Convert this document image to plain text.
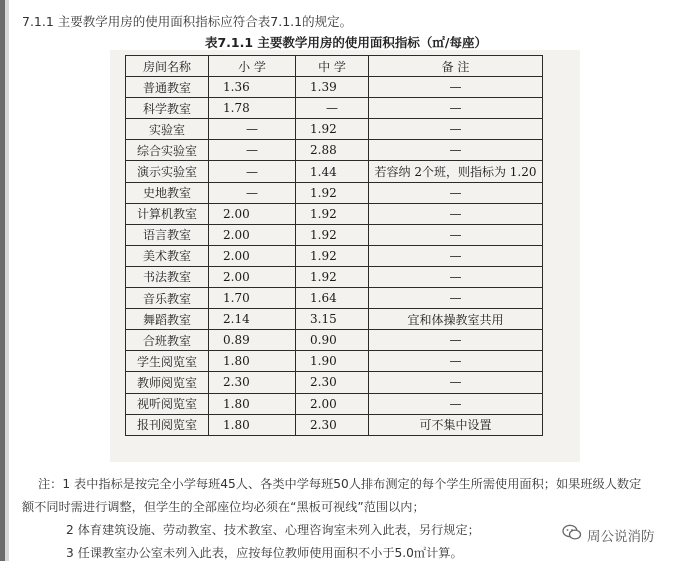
7.1.1 主要教学用房的使用面积指标应符合表7.1.1的规定。
表7.1.1 主要教学用房的使用面积指标（㎡/每座）
房间名称	小 学	中 学	备 注
普通教室	1.36	1.39	—
科学教室	1.78	—	—
实验室	—	1.92	—
综合实验室	—	2.88	—
演示实验室	—	1.44	若容纳 2个班，则指标为 1.20
史地教室	—	1.92	—
计算机教室	2.00	1.92	—
语言教室	2.00	1.92	—
美术教室	2.00	1.92	—
书法教室	2.00	1.92	—
音乐教室	1.70	1.64	—
舞蹈教室	2.14	3.15	宜和体操教室共用
合班教室	0.89	0.90	—
学生阅览室	1.80	1.90	—
教师阅览室	2.30	2.30	—
视听阅览室	1.80	2.00	—
报刊阅览室	1.80	2.30	可不集中设置
注：1 表中指标是按完全小学每班45人、各类中学每班50人排布测定的每个学生所需使用面积；如果班级人数定
额不同时需进行调整，但学生的全部座位均必须在“黑板可视线”范围以内；
2 体育建筑设施、劳动教室、技术教室、心理咨询室未列入此表，另行规定；
3 任课教室办公室未列入此表，应按每位教师使用面积不小于5.0㎡计算。
周公说消防
